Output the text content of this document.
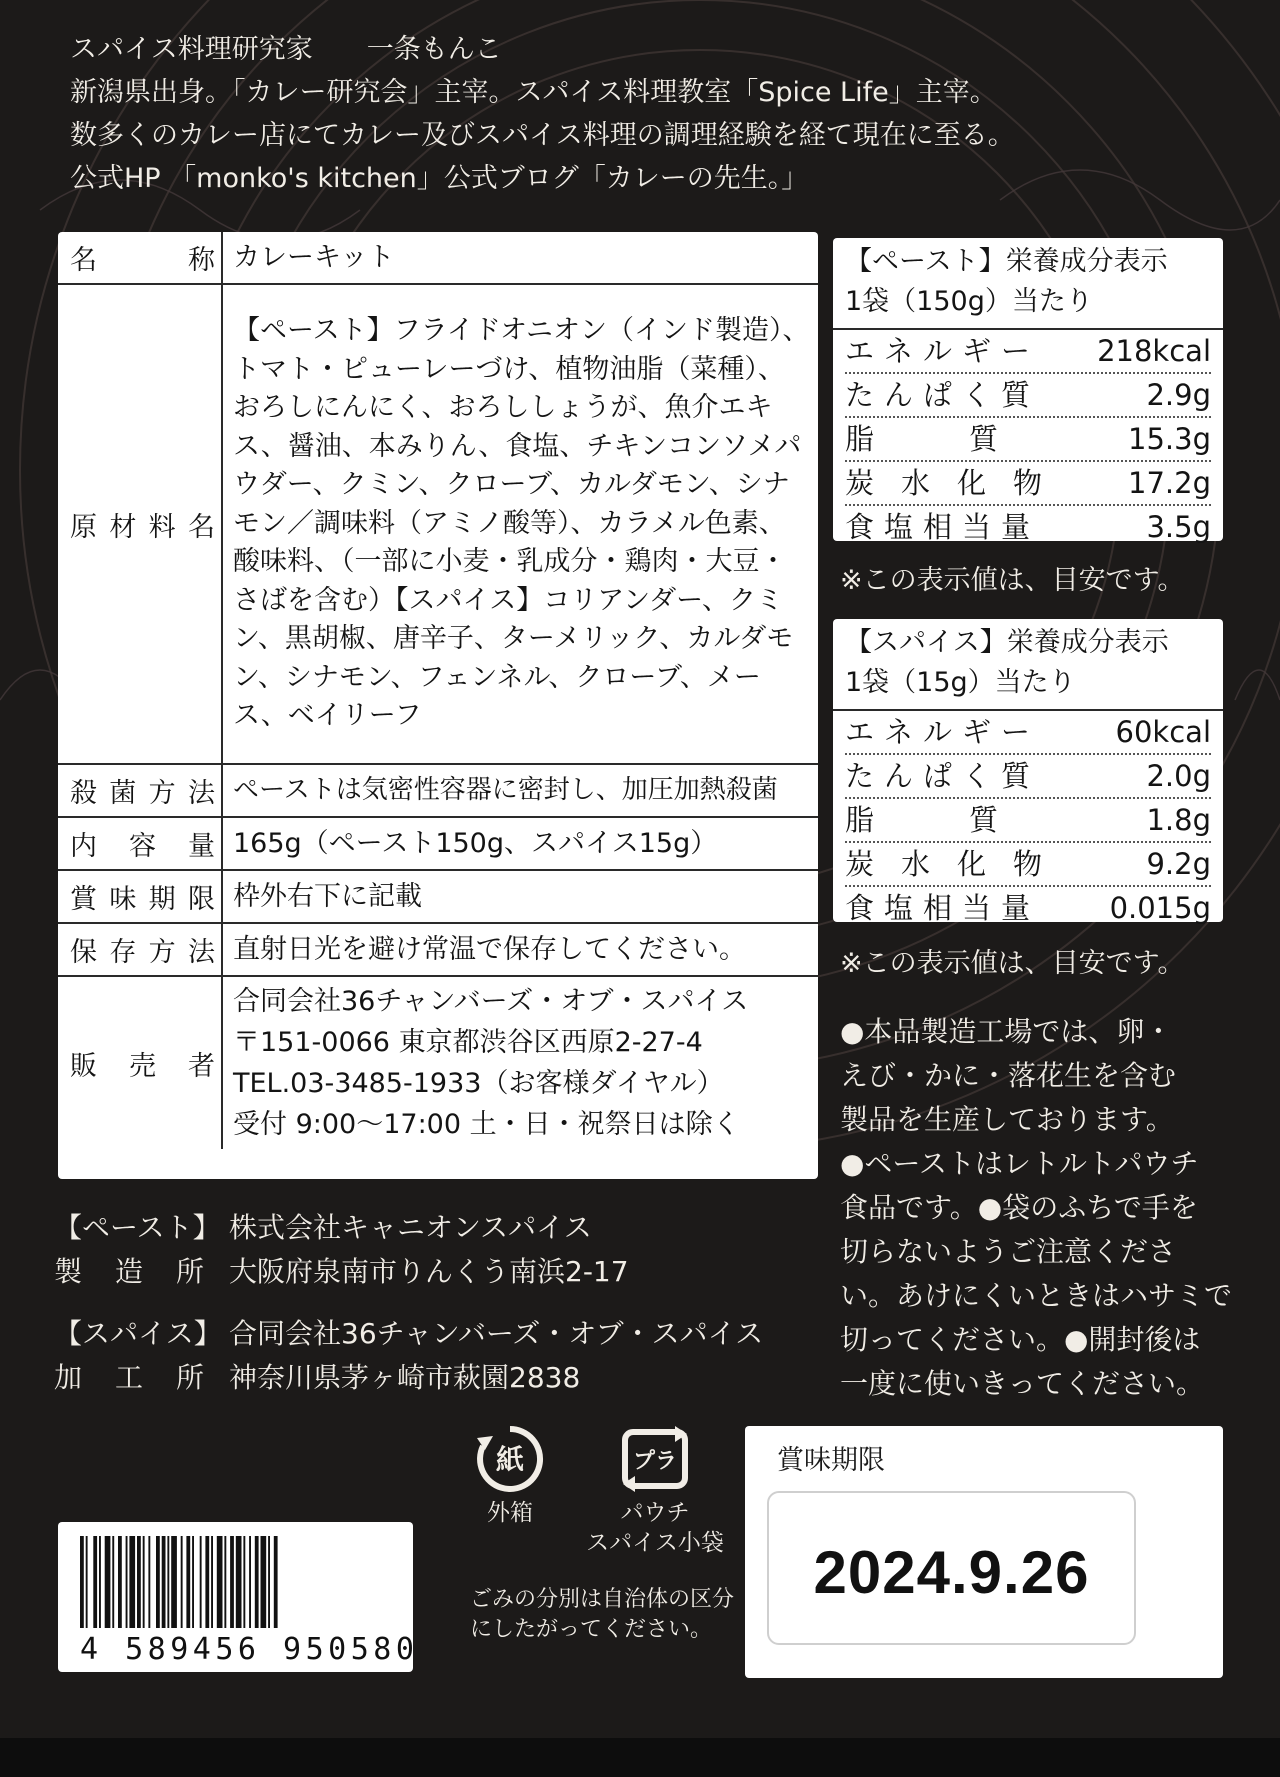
スパイス料理研究家　　一条もんこ
新潟県出身。「カレー研究会」主宰。スパイス料理教室「Spice Life」主宰。
数多くのカレー店にてカレー及びスパイス料理の調理経験を経て現在に至る。
公式HP 「monko's kitchen」公式ブログ「カレーの先生。」
名称	カレーキット
原材料名	【ペースト】フライドオニオン（インド製造）、トマト・ピューレーづけ、植物油脂（菜種）、おろしにんにく、おろししょうが、魚介エキス、醤油、本みりん、食塩、チキンコンソメパウダー、クミン、クローブ、カルダモン、シナモン／調味料（アミノ酸等）、カラメル色素、酸味料、（一部に小麦・乳成分・鶏肉・大豆・さばを含む）【スパイス】コリアンダー、クミン、黒胡椒、唐辛子、ターメリック、カルダモン、シナモン、フェンネル、クローブ、メース、ベイリーフ
殺菌方法	ペーストは気密性容器に密封し、加圧加熱殺菌
内容量	165g（ペースト150g、スパイス15g）
賞味期限	枠外右下に記載
保存方法	直射日光を避け常温で保存してください。
販売者	合同会社36チャンバーズ・オブ・スパイス
〒151-0066 東京都渋谷区西原2-27-4
TEL.03-3485-1933（お客様ダイヤル）
受付 9:00～17:00 土・日・祝祭日は除く
【ペースト】栄養成分表示
1袋（150g）当たり
エネルギー 218kcal
たんぱく質	2.9g
脂質 15.3g
炭水化物 17.2g
食塩相当量	3.5g
※この表示値は、目安です。
【スパイス】栄養成分表示
1袋（15g）当たり
エネルギー	60kcal
たんぱく質	2.0g
脂質 1.8g
炭水化物	9.2g
食塩相当量 0.015g
※この表示値は、目安です。
●本品製造工場では、卵・
えび・かに・落花生を含む
製品を生産しております。
●ペーストはレトルトパウチ
食品です。●袋のふちで手を
切らないようご注意くださ
い。あけにくいときはハサミで
切ってください。●開封後は
一度に使いきってください。
【ペースト】 株式会社キャニオンスパイス
製造所 大阪府泉南市りんくう南浜2-17
【スパイス】 合同会社36チャンバーズ・オブ・スパイス
加工所 神奈川県茅ヶ崎市萩園2838
紙
外箱
プラ
パウチ
スパイス小袋
ごみの分別は自治体の区分にしたがってください。
4 589456 950580
賞味期限
2024.9.26
